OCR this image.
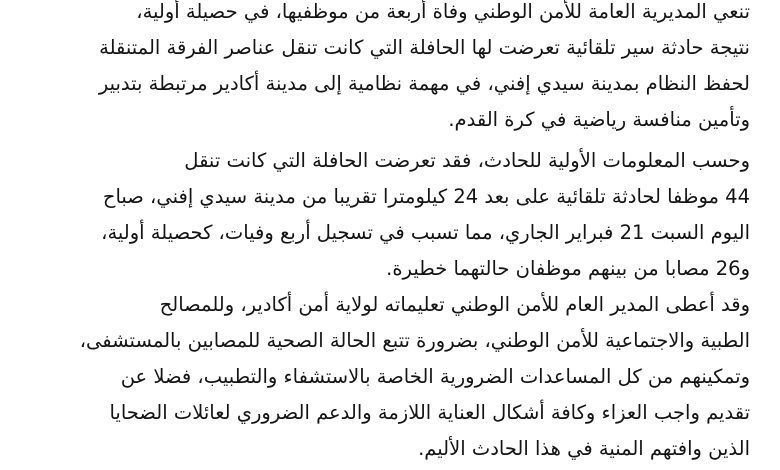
تنعي المديرية العامة للأمن الوطني وفاة أربعة من موظفيها، في حصيلة أولية،
نتيجة حادثة سير تلقائية تعرضت لها الحافلة التي كانت تنقل عناصر الفرقة المتنقلة
لحفظ النظام بمدينة سيدي إفني، في مهمة نظامية إلى مدينة أكادير مرتبطة بتدبير
وتأمين منافسة رياضية في كرة القدم.
وحسب المعلومات الأولية للحادث، فقد تعرضت الحافلة التي كانت تنقل
44 موظفا لحادثة تلقائية على بعد 24 كيلومترا تقريبا من مدينة سيدي إفني، صباح
اليوم السبت 21 فبراير الجاري، مما تسبب في تسجيل أربع وفيات، كحصيلة أولية،
و26 مصابا من بينهم موظفان حالتهما خطيرة.
وقد أعطى المدير العام للأمن الوطني تعليماته لولاية أمن أكادير، وللمصالح
الطبية والاجتماعية للأمن الوطني، بضرورة تتبع الحالة الصحية للمصابين بالمستشفى،
وتمكينهم من كل المساعدات الضرورية الخاصة بالاستشفاء والتطبيب، فضلا عن
تقديم واجب العزاء وكافة أشكال العناية اللازمة والدعم الضروري لعائلات الضحايا
الذين وافتهم المنية في هذا الحادث الأليم.
